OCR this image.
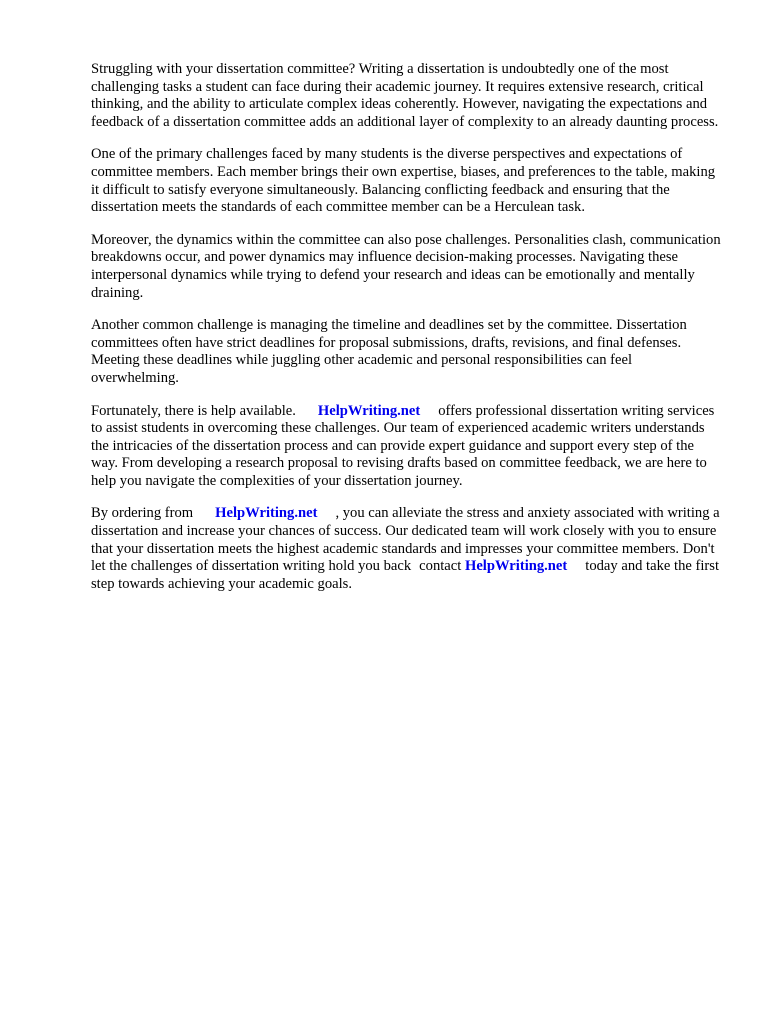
Struggling with your dissertation committee? Writing a dissertation is undoubtedly one of the most challenging tasks a student can face during their academic journey. It requires extensive research, critical thinking, and the ability to articulate complex ideas coherently. However, navigating the expectations and feedback of a dissertation committee adds an additional layer of complexity to an already daunting process.

One of the primary challenges faced by many students is the diverse perspectives and expectations of committee members. Each member brings their own expertise, biases, and preferences to the table, making it difficult to satisfy everyone simultaneously. Balancing conflicting feedback and ensuring that the dissertation meets the standards of each committee member can be a Herculean task.

Moreover, the dynamics within the committee can also pose challenges. Personalities clash, communication breakdowns occur, and power dynamics may influence decision-making processes. Navigating these interpersonal dynamics while trying to defend your research and ideas can be emotionally and mentally draining.

Another common challenge is managing the timeline and deadlines set by the committee. Dissertation committees often have strict deadlines for proposal submissions, drafts, revisions, and final defenses. Meeting these deadlines while juggling other academic and personal responsibilities can feel overwhelming.

Fortunately, there is help available. HelpWriting.net offers professional dissertation writing services to assist students in overcoming these challenges. Our team of experienced academic writers understands the intricacies of the dissertation process and can provide expert guidance and support every step of the way. From developing a research proposal to revising drafts based on committee feedback, we are here to help you navigate the complexities of your dissertation journey.

By ordering from HelpWriting.net , you can alleviate the stress and anxiety associated with writing a dissertation and increase your chances of success. Our dedicated team will work closely with you to ensure that your dissertation meets the highest academic standards and impresses your committee members. Don't let the challenges of dissertation writing hold you back contact HelpWriting.net today and take the first step towards achieving your academic goals.
